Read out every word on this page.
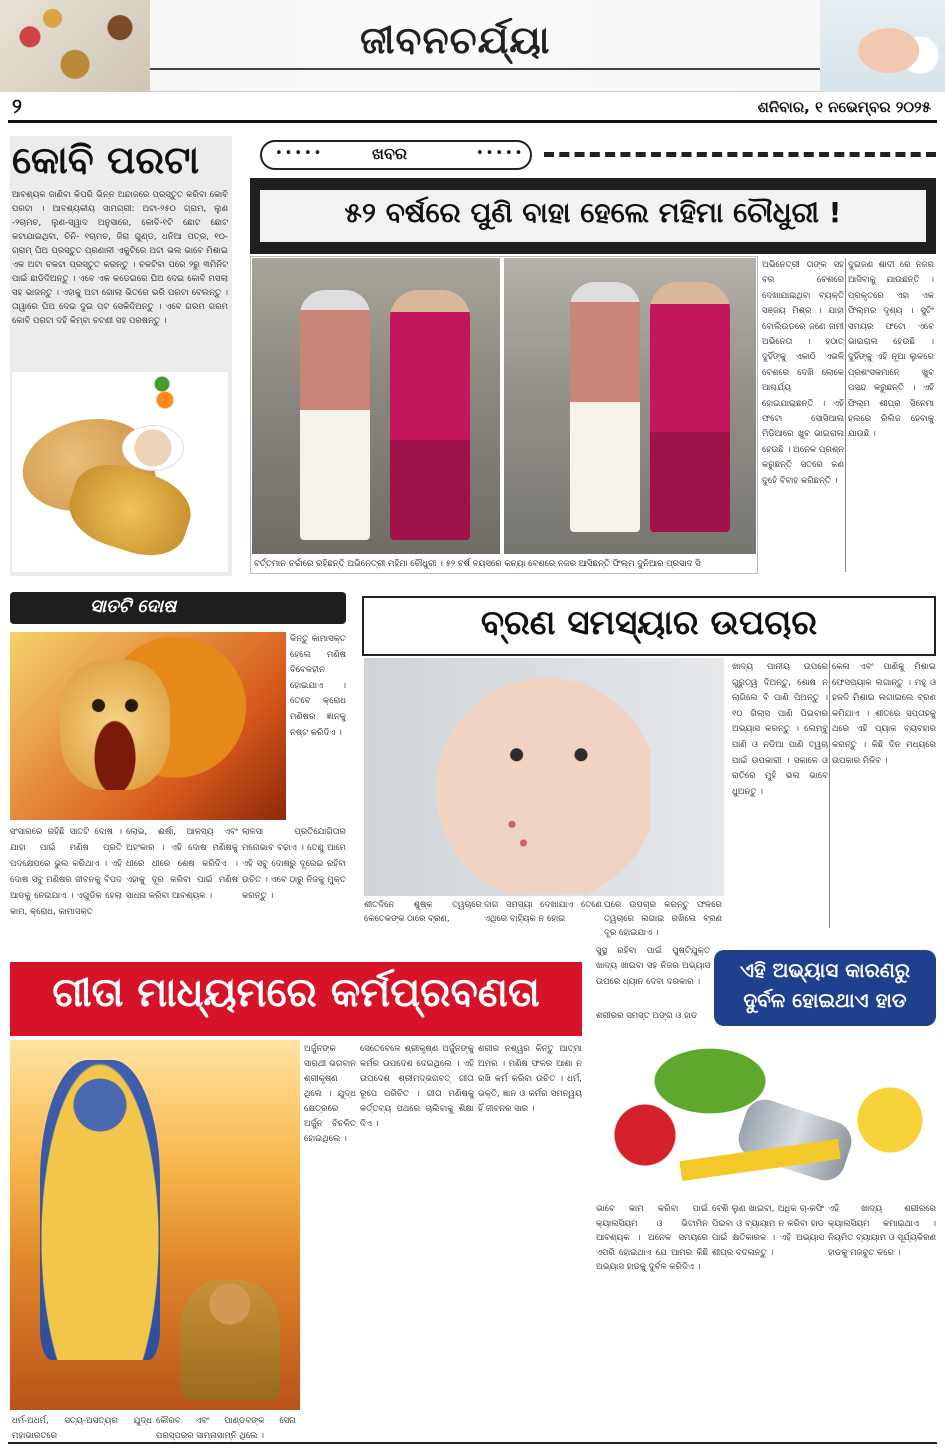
ଜୀବନଚର୍ଯ୍ୟା
୨	ଶନିବାର, ୧ ନଭେମ୍ବର ୨୦୨୫
କୋବି ପରଟା
ଆବଶ୍ୟକ ଜାଣିବା କିପରି ଭିନ୍ନ ଅନ୍ଦାଜରେ ପ୍ରସ୍ତୁତ କରିବା କୋବି ପରଟା । ଆବଶ୍ୟକୀୟ ସାମଗ୍ରୀ: ଅଟା-୨୫୦ ଗ୍ରାମ, ଲୁଣ -୨ଚାମଚ, ଲୁଣ-ସ୍ୱାଦ ଅନୁସାରେ, କୋବି-୧ଟି ଛୋଟ ଛୋଟ କଟାଯାଇଥିବା, ଚିନି- ୧ଚାମଚ, ଜିରା ଗୁଣ୍ଡ, ଧନିଆ ପତ୍ର, ୧୦- ଗ୍ରାମ୍ ଘିଅ ପ୍ରସ୍ତୁତ ପ୍ରଣାଳୀ ଏକୁଟିରେ ଅଟା ଭଲ ଭାବେ ମିଶାଇ ଏକ ଅଟା ଚକଟା ପ୍ରସ୍ତୁତ କରନ୍ତୁ । ଚକଟିବା ପରେ ୨ରୁ ୩ମିନିଟ ପାଇଁ ଛାଡିଦିଅନ୍ତୁ । ଏବେ ଏକ କଡେଇରେ ଘିଅ ଦେଇ କୋବି ମସଲା ସହ ଭାଜନ୍ତୁ । ଏହାକୁ ଅଟା ଗୋଲା ଭିତରେ ଭରି ପରଟା ବେଲନ୍ତୁ । ତାୱାରେ ଘିଅ ଦେଇ ଦୁଇ ପଟ ସେକିଦିଅନ୍ତୁ । ଏବେ ଗରମ ଗରମ କୋବି ପରଟା ଦହି କିମ୍ବା ଚଟଣୀ ସହ ପରଷନ୍ତୁ ।
•••••	ଖବର	•••••
୫୨ ବର୍ଷରେ ପୁଣି ବାହା ହେଲେ ମହିମା ଚୌଧୁରୀ !
ବର୍ତ୍ତମାନ ଚର୍ଚ୍ଚାରେ ରହିଛନ୍ତି ଅଭିନେତ୍ରୀ ମହିମା ଚୌଧୁରୀ । ୫୨ ବର୍ଷ ବୟସରେ କନ୍ୟା ବେଶରେ ନଜର ଆସିଛନ୍ତି ଫିଲ୍ମ ଦୁନିଆର ପ୍ରସାଦ ସି
ଅଭିନେତ୍ରୀ ତାଙ୍କ ସହ ବର ବେଶରେ ଦେଖାଯାଇଥିବା ବ୍ୟକ୍ତି ସଞ୍ଜୟ ମିଶ୍ର । ଯାହା ବୋଲିଉଡରେ ଜଣେ ନାମୀ ଅଭିନେତା । ହଠାତ୍ ଦୁହିଁଙ୍କୁ ଏକାଠି ଏଭଳି ବେଶରେ ଦେଖି ଲୋକେ ଆଶ୍ଚର୍ଯ୍ୟ ହୋଇଯାଇଛନ୍ତି । ଏହି ଫଟୋ ସୋସିଆଲ ମିଡିଆରେ ଖୁବ ଭାଇରାଲ ହେଉଛି । ଅନେକ ପ୍ରଶ୍ନ କରୁଛନ୍ତି ସତରେ କଣ ଦୁହେଁ ବିବାହ କରିଛନ୍ତି ।
ଦୁଇଜଣ ଶାଦୀ ରେ ନଜର ଆସିବାକୁ ଯାଉଛନ୍ତି । ପ୍ରକୃତରେ ଏହା ଏକ ଫିଲ୍ମର ଦୃଶ୍ୟ । ସୁଟିଂ ସମୟର ଫଟୋ ଏବେ ଭାଇରାଲ ହେଉଛି । ଦୁହିଁଙ୍କୁ ଏହି ନୂଆ ଲୁକରେ ପ୍ରଶଂସକମାନେ ଖୁବ ପସନ୍ଦ କରୁଛନ୍ତି । ଏହି ଫିଲ୍ମ ଶୀଘ୍ର ସିନେମା ହଲରେ ରିଲିଜ ହେବାକୁ ଯାଉଛି ।
ସାତଟି ଦୋଷ
କିନ୍ତୁ କାମାସକ୍ତ ହେଲେ ମଣିଷ ବିବେକହୀନ ହୋଇଯାଏ । ତେବେ କ୍ରୋଧ ମଣିଷର ଜ୍ଞାନକୁ ନଷ୍ଟ କରିଦିଏ ।
ସଂସାରରେ ରହିଛି ସାତଟି ଦୋଷ । ଯାହା ପାଇଁ ମଣିଷ ପ୍ରତି ପଦକ୍ଷେପରେ ଭୁଲ କରିଥାଏ । ଏହି ଦୋଷ ସବୁ ମଣିଷର ଜୀବନକୁ ବିପଦ ଆଡକୁ ନେଇଯାଏ । ଏଗୁଡିକ ହେଲା କାମ, କ୍ରୋଧ, କାମାସକ୍ତ
ଲୋଭ, ଈର୍ଷା, ଆଳସ୍ୟ ଏବଂ ଅହଂକାର । ଏହି ଦୋଷ ମଣିଷକୁ ଧୀରେ ଧୀରେ ଶେଷ କରିଦିଏ । ଏହାକୁ ଦୂର କରିବା ପାଇଁ ମଣିଷ ସାଧନା କରିବା ଆବଶ୍ୟକ ।
ଲାଳସା ପ୍ରତିଯୋଗିତାର ମନୋଭାବ ବଢାଏ । ତେଣୁ ଆମେ ଏହି ସବୁ ଦୋଷରୁ ଦୂରେଇ ରହିବା ଉଚିତ । ଏବେ ଠାରୁ ନିଜକୁ ମୁକ୍ତ କରନ୍ତୁ ।
ବ୍ରଣ ସମସ୍ୟାର ଉପଚାର
ଶୀତଦିନେ ଶୁଷ୍କ ତ୍ୱଚାରେ କେତେକଙ୍କ ଠାରେ ବ୍ରଣ,
ଦାଗ ସମସ୍ୟା ଦେଖାଯାଏ ତେଣେ ଏଥିରେ ବାହ୍ୟିକ ନ ହୋଇ
ଘରେ ଉପଚାର କରନ୍ତୁ ଫଳରେ ତ୍ୱଚାରେ ଲଗାଇ ରଖିଲେ ବ୍ରଣ ଦୂର ହୋଇଯାଏ ।
ଖାଦ୍ୟ ପାନୀୟ ଉପରେ ଗୁରୁତ୍ୱ ଦିଅନ୍ତୁ, ଶୋଷ ନ ଲାଗିଲେ ବି ପାଣି ପିଅନ୍ତୁ । ୧୦ ଗିଲାସ ପାଣି ପିଇବାର ଅଭ୍ୟାସ କରନ୍ତୁ । ଲେମ୍ବୁ ପାଣି ଓ ନଡିଆ ପାଣି ତ୍ୱଚା ପାଇଁ ଉପକାରୀ । ସକାଳେ ଓ ରାତିରେ ମୁହଁ ଭଲ ଭାବେ ଧୁଅନ୍ତୁ ।
କେଳା ଏବଂ ପାଣିକୁ ମିଶାଇ ଫେସପ୍ୟାକ ଲଗାନ୍ତୁ । ମହୁ ଓ ହଳଦି ମିଶାଇ ଲଗାଇଲେ ବ୍ରଣ କମିଯାଏ । ଶୀତରେ ସପ୍ତାହକୁ ଥରେ ଏହି ପ୍ୟାକ ବ୍ୟବହାର କରନ୍ତୁ । କିଛି ଦିନ ମଧ୍ୟରେ ଉପକାର ମିଳିବ ।
ଗୀତା ମାଧ୍ୟମରେ କର୍ମପ୍ରବଣତା
ଧର୍ମ-ଅଧର୍ମ, ସତ୍ୟ-ଅସତ୍ୟର ଯୁଦ୍ଧ ମହାଭାରତରେ
କୌରବ ଏବଂ ପାଣ୍ଡବଙ୍କ ସେନା ପରସ୍ପରର ସାମ୍ନାସାମ୍ନି ଥିଲେ ।
ଅର୍ଜୁନଙ୍କ ସାରଥୀ ଭଗବାନ ଶ୍ରୀକୃଷ୍ଣ ଥିଲେ । ଯୁଦ୍ଧ କ୍ଷେତ୍ରରେ ଅର୍ଜୁନ ବିଚଳିତ ହୋଇଥିଲେ ।
ସେତେବେଳେ ଶ୍ରୀକୃଷ୍ଣ ଅର୍ଜୁନଙ୍କୁ କର୍ମର ଉପଦେଶ ଦେଇଥିଲେ । ଏହି ଉପଦେଶ ଶ୍ରୀମଦ୍ଭଗବତ୍ ଗୀତା ରୂପେ ପରିଚିତ । ଗୀତା ମଣିଷକୁ କର୍ତ୍ତବ୍ୟ ପଥରେ ଚାଲିବାକୁ ଶିକ୍ଷା ଦିଏ ।
ଶରୀର ନଶ୍ୱର କିନ୍ତୁ ଆତ୍ମା ଅମର । ମଣିଷ ଫଳର ଆଶା ନ ରଖି କର୍ମ କରିବା ଉଚିତ । ଧର୍ମ, ଭକ୍ତି, ଜ୍ଞାନ ଓ କର୍ମର ସମନ୍ୱୟ ହିଁ ଜୀବନର ସାର ।
ସୁସ୍ଥ ରହିବା ପାଇଁ ପୁଷ୍ଟିଯୁକ୍ତ ଖାଦ୍ୟ ଖାଇବା ସହ ନିଜର ଅଭ୍ୟାସ ଉପରେ ଧ୍ୟାନ ଦେବା ଦରକାର ।	ଏହି ଅଭ୍ୟାସ କାରଣରୁ
ଦୁର୍ବଳ ହୋଇଥାଏ ହାଡ
ଶରୀରର ସମସ୍ତ ଅଙ୍ଗ ଓ ହାଡ
ଭାବେ କାମ କରିବା ପାଇଁ କ୍ୟାଲସିୟମ ଓ ଭିଟାମିନ ଆବଶ୍ୟକ । ଅନେକ ସମୟରେ ଏପରି ହୋଇଥାଏ ଯେ ଆମର କିଛି ଅଭ୍ୟାସ ହାଡକୁ ଦୁର୍ବଳ କରିଦିଏ ।
ବେଶି ଲୁଣ ଖାଇବା, ଅଧିକ ଚା-କଫି ପିଇବା ଓ ବ୍ୟାୟାମ ନ କରିବା ହାଡ ପାଇଁ କ୍ଷତିକାରକ । ଏହି ଅଭ୍ୟାସ ଶୀଘ୍ର ବଦଳାନ୍ତୁ ।
ଏହି ଖାଦ୍ୟ ଶରୀରରେ କ୍ୟାଲସିୟମ କମାଇଥାଏ । ନିୟମିତ ବ୍ୟାୟାମ ଓ ସୂର୍ଯ୍ୟକିରଣ ହାଡକୁ ମଜବୁତ କରେ ।
